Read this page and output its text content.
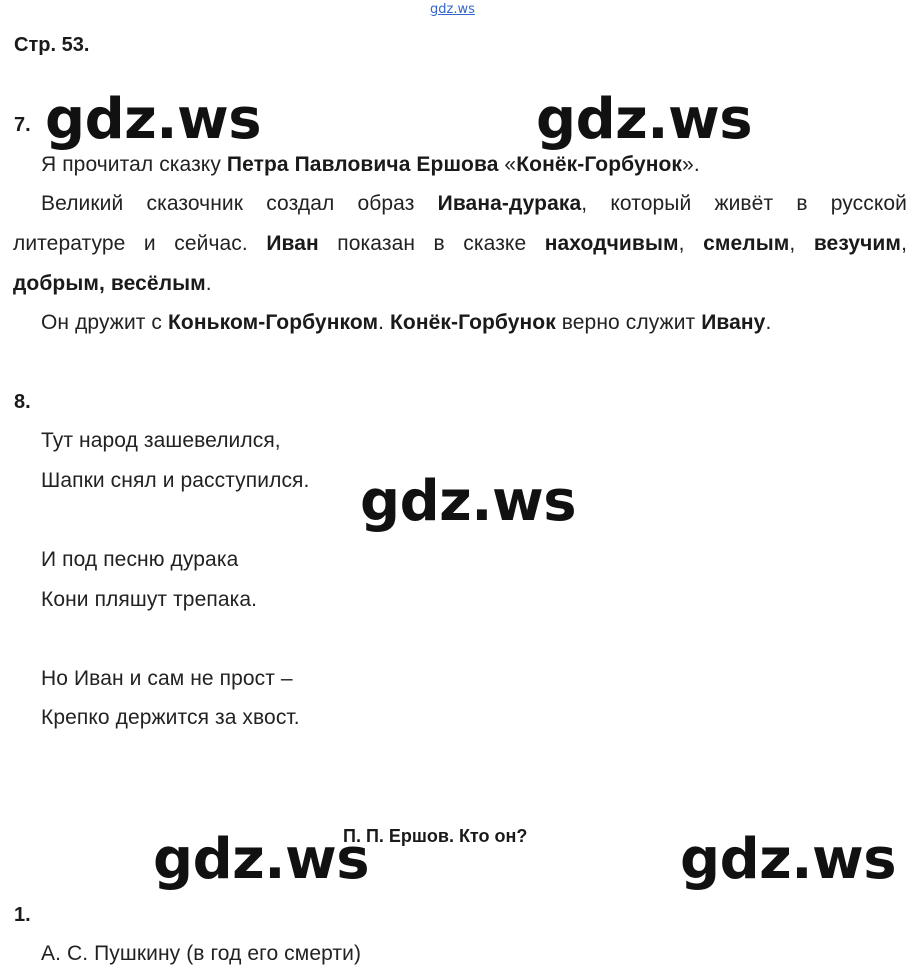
gdz.ws
Стр. 53.
gdz.ws	gdz.ws
gdz.ws
gdz.ws	gdz.ws
7.
Я прочитал сказку Петра Павловича Ершова «Конёк-Горбунок».
Великий сказочник создал образ Ивана-дурака, который живёт в русской
литературе и сейчас. Иван показан в сказке находчивым, смелым, везучим,
добрым, весёлым.
Он дружит с Коньком-Горбунком. Конёк-Горбунок верно служит Ивану.
8.
Тут народ зашевелился,
Шапки снял и расступился.
И под песню дурака
Кони пляшут трепака.
Но Иван и сам не прост –
Крепко держится за хвост.
П. П. Ершов. Кто он?
1.
А. С. Пушкину (в год его смерти)
